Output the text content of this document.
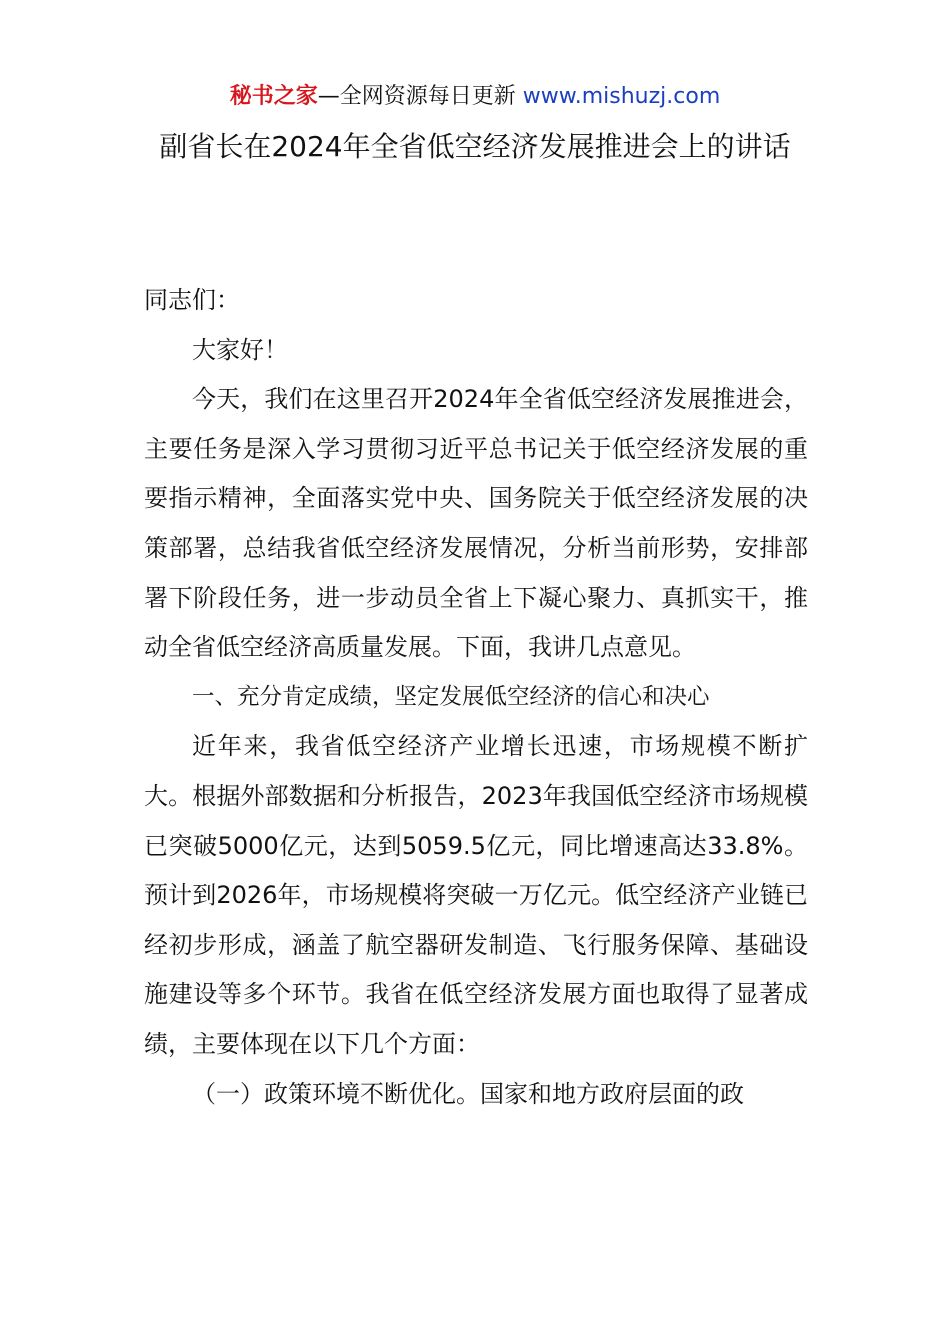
秘书之家—全网资源每日更新 www.mishuzj.com
副省长在2024年全省低空经济发展推进会上的讲话

同志们：

大家好！

今天，我们在这里召开2024年全省低空经济发展推进会，主要任务是深入学习贯彻习近平总书记关于低空经济发展的重要指示精神，全面落实党中央、国务院关于低空经济发展的决策部署，总结我省低空经济发展情况，分析当前形势，安排部署下阶段任务，进一步动员全省上下凝心聚力、真抓实干，推动全省低空经济高质量发展。下面，我讲几点意见。

一、充分肯定成绩，坚定发展低空经济的信心和决心

近年来，我省低空经济产业增长迅速，市场规模不断扩大。根据外部数据和分析报告，2023年我国低空经济市场规模已突破5000亿元，达到5059.5亿元，同比增速高达33.8%。预计到2026年，市场规模将突破一万亿元。低空经济产业链已经初步形成，涵盖了航空器研发制造、飞行服务保障、基础设施建设等多个环节。我省在低空经济发展方面也取得了显著成绩，主要体现在以下几个方面：

（一）政策环境不断优化。国家和地方政府层面的政
